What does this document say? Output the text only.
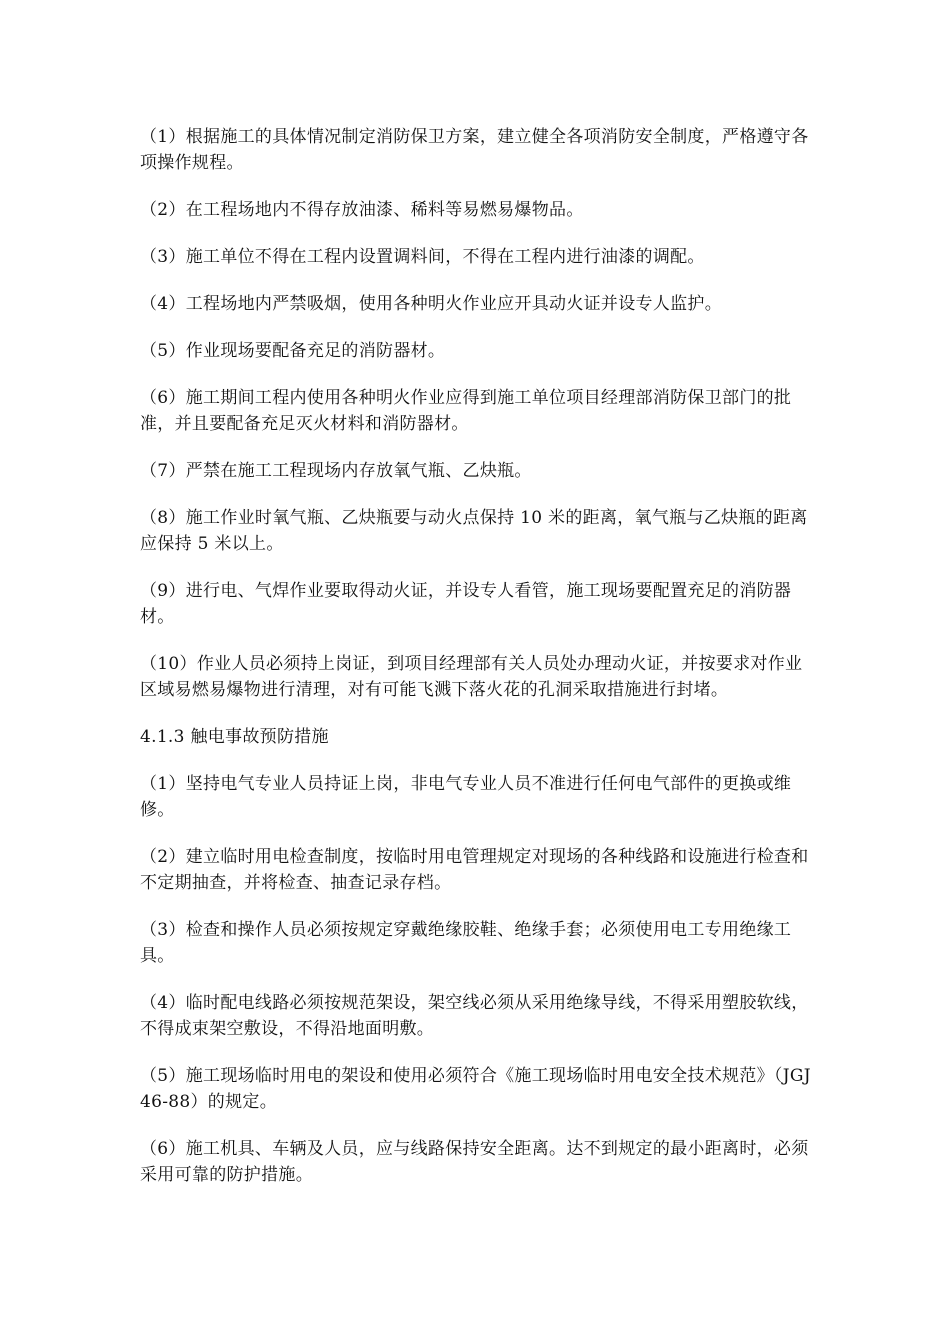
（1）根据施工的具体情况制定消防保卫方案，建立健全各项消防安全制度，严格遵守各项操作规程。

（2）在工程场地内不得存放油漆、稀料等易燃易爆物品。

（3）施工单位不得在工程内设置调料间，不得在工程内进行油漆的调配。

（4）工程场地内严禁吸烟，使用各种明火作业应开具动火证并设专人监护。

（5）作业现场要配备充足的消防器材。

（6）施工期间工程内使用各种明火作业应得到施工单位项目经理部消防保卫部门的批准，并且要配备充足灭火材料和消防器材。

（7）严禁在施工工程现场内存放氧气瓶、乙炔瓶。

（8）施工作业时氧气瓶、乙炔瓶要与动火点保持 10 米的距离，氧气瓶与乙炔瓶的距离应保持 5 米以上。

（9）进行电、气焊作业要取得动火证，并设专人看管，施工现场要配置充足的消防器材。

（10）作业人员必须持上岗证，到项目经理部有关人员处办理动火证，并按要求对作业区域易燃易爆物进行清理，对有可能飞溅下落火花的孔洞采取措施进行封堵。

4.1.3 触电事故预防措施

（1）坚持电气专业人员持证上岗，非电气专业人员不准进行任何电气部件的更换或维修。

（2）建立临时用电检查制度，按临时用电管理规定对现场的各种线路和设施进行检查和不定期抽查，并将检查、抽查记录存档。

（3）检查和操作人员必须按规定穿戴绝缘胶鞋、绝缘手套；必须使用电工专用绝缘工具。

（4）临时配电线路必须按规范架设，架空线必须从采用绝缘导线，不得采用塑胶软线，不得成束架空敷设，不得沿地面明敷。

（5）施工现场临时用电的架设和使用必须符合《施工现场临时用电安全技术规范》（JGJ46-88）的规定。

（6）施工机具、车辆及人员，应与线路保持安全距离。达不到规定的最小距离时，必须采用可靠的防护措施。
